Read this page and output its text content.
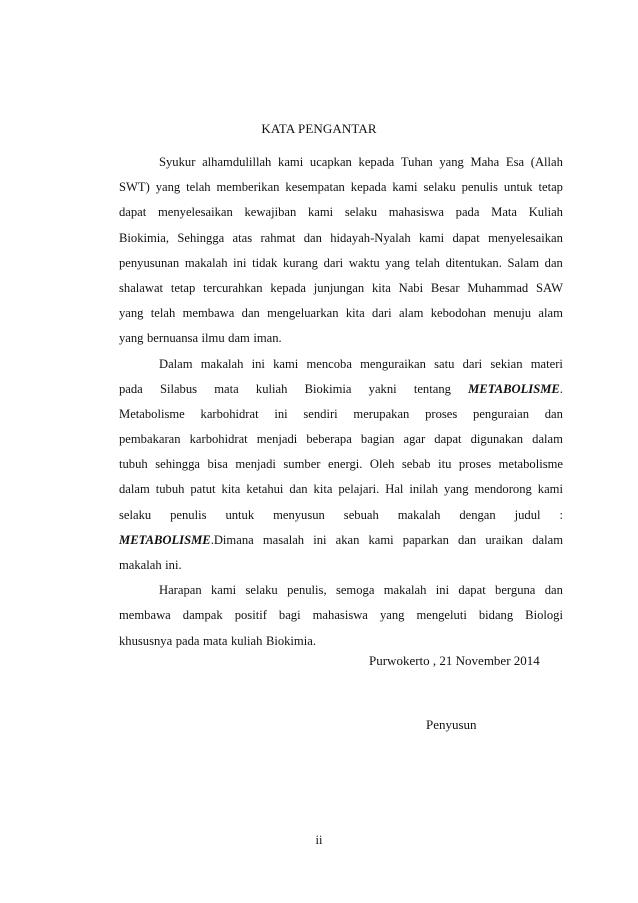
KATA PENGANTAR
Syukur alhamdulillah kami ucapkan kepada Tuhan yang Maha Esa (Allah
SWT) yang telah memberikan kesempatan kepada kami selaku penulis untuk tetap
dapat menyelesaikan kewajiban kami selaku mahasiswa pada Mata Kuliah
Biokimia, Sehingga atas rahmat dan hidayah-Nyalah kami dapat menyelesaikan
penyusunan makalah ini tidak kurang dari waktu yang telah ditentukan. Salam dan
shalawat tetap tercurahkan kepada junjungan kita Nabi Besar Muhammad SAW
yang telah membawa dan mengeluarkan kita dari alam kebodohan menuju alam
yang bernuansa ilmu dam iman.
Dalam makalah ini kami mencoba menguraikan satu dari sekian materi
pada Silabus mata kuliah Biokimia yakni tentang METABOLISME.
Metabolisme karbohidrat ini sendiri merupakan proses penguraian dan
pembakaran karbohidrat menjadi beberapa bagian agar dapat digunakan dalam
tubuh sehingga bisa menjadi sumber energi. Oleh sebab itu proses metabolisme
dalam tubuh patut kita ketahui dan kita pelajari. Hal inilah yang mendorong kami
selaku penulis untuk menyusun sebuah makalah dengan judul :
METABOLISME .Dimana masalah ini akan kami paparkan dan uraikan dalam
makalah ini.
Harapan kami selaku penulis, semoga makalah ini dapat berguna dan
membawa dampak positif bagi mahasiswa yang mengeluti bidang Biologi
khususnya pada mata kuliah Biokimia.
Purwokerto , 21 November 2014
Penyusun
ii
